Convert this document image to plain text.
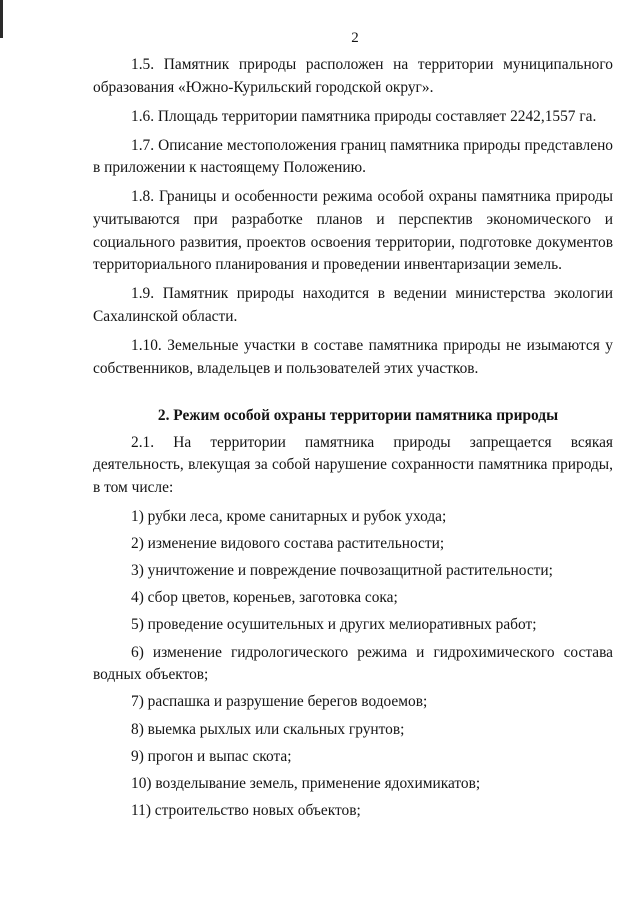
2

1.5. Памятник природы расположен на территории муниципального образования «Южно-Курильский городской округ».

1.6. Площадь территории памятника природы составляет 2242,1557 га.

1.7. Описание местоположения границ памятника природы представлено в приложении к настоящему Положению.

1.8. Границы и особенности режима особой охраны памятника природы учитываются при разработке планов и перспектив экономического и социального развития, проектов освоения территории, подготовке документов территориального планирования и проведении инвентаризации земель.

1.9. Памятник природы находится в ведении министерства экологии Сахалинской области.

1.10. Земельные участки в составе памятника природы не изымаются у собственников, владельцев и пользователей этих участков.

2. Режим особой охраны территории памятника природы

2.1. На территории памятника природы запрещается всякая деятельность, влекущая за собой нарушение сохранности памятника природы, в том числе:

1) рубки леса, кроме санитарных и рубок ухода;

2) изменение видового состава растительности;

3) уничтожение и повреждение почвозащитной растительности;

4) сбор цветов, кореньев, заготовка сока;

5) проведение осушительных и других мелиоративных работ;

6) изменение гидрологического режима и гидрохимического состава водных объектов;

7) распашка и разрушение берегов водоемов;

8) выемка рыхлых или скальных грунтов;

9) прогон и выпас скота;

10) возделывание земель, применение ядохимикатов;

11) строительство новых объектов;
